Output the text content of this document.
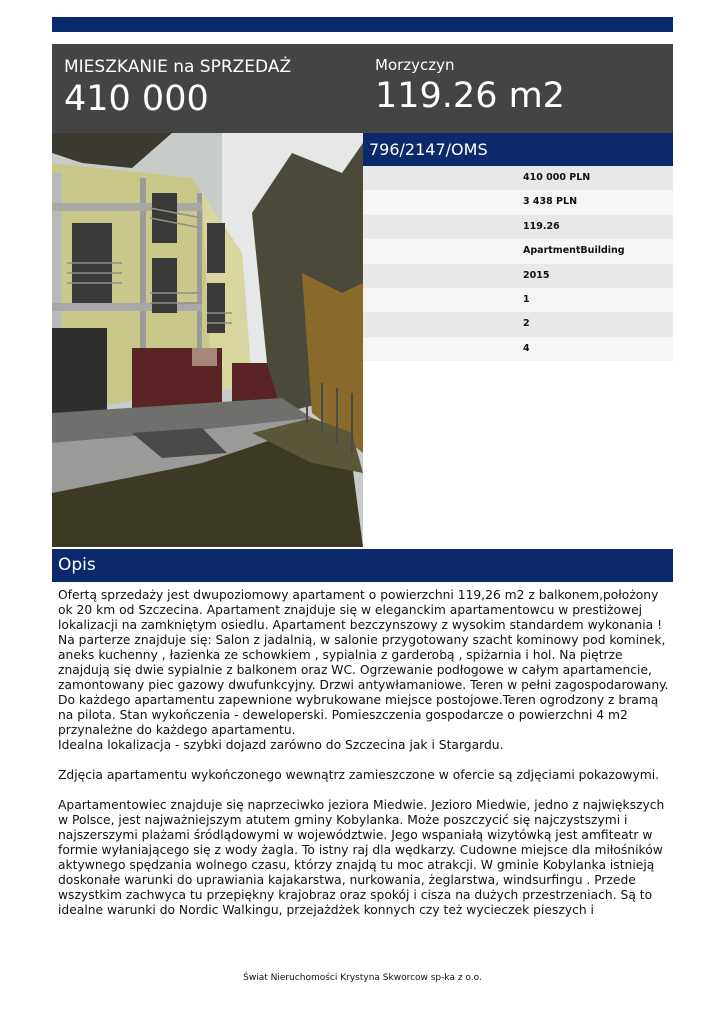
MIESZKANIE na SPRZEDAŻ
410 000
Morzyczyn
119.26 m2
796/2147/OMS
410 000 PLN
3 438 PLN
119.26
ApartmentBuilding
2015
1
2
4
Opis
Ofertą sprzedaży jest dwupoziomowy apartament o powierzchni 119,26 m2 z balkonem,położony ok 20 km od Szczecina. Apartament znajduje się w eleganckim apartamentowcu w prestiżowej lokalizacji na zamkniętym osiedlu. Apartament bezczynszowy z wysokim standardem wykonania ! Na parterze znajduje się: Salon z jadalnią, w salonie przygotowany szacht kominowy pod kominek, aneks kuchenny , łazienka ze schowkiem , sypialnia z garderobą , spiżarnia i hol. Na piętrze znajdują się dwie sypialnie z balkonem oraz WC. Ogrzewanie podłogowe w całym apartamencie, zamontowany piec gazowy dwufunkcyjny. Drzwi antywłamaniowe. Teren w pełni zagospodarowany. Do każdego apartamentu zapewnione wybrukowane miejsce postojowe.Teren ogrodzony z bramą na pilota. Stan wykończenia - deweloperski. Pomieszczenia gospodarcze o powierzchni 4 m2 przynależne do każdego apartamentu.
Idealna lokalizacja - szybki dojazd zarówno do Szczecina jak i Stargardu.

Zdjęcia apartamentu wykończonego wewnątrz zamieszczone w ofercie są zdjęciami pokazowymi.

Apartamentowiec znajduje się naprzeciwko jeziora Miedwie. Jezioro Miedwie, jedno z największych w Polsce, jest najważniejszym atutem gminy Kobylanka. Może poszczycić się najczystszymi i najszerszymi plażami śródlądowymi w województwie. Jego wspaniałą wizytówką jest amfiteatr w formie wyłaniającego się z wody żagla. To istny raj dla wędkarzy. Cudowne miejsce dla miłośników aktywnego spędzania wolnego czasu, którzy znajdą tu moc atrakcji. W gminie Kobylanka istnieją doskonałe warunki do uprawiania kajakarstwa, nurkowania, żeglarstwa, windsurfingu . Przede wszystkim zachwyca tu przepiękny krajobraz oraz spokój i cisza na dużych przestrzeniach. Są to idealne warunki do Nordic Walkingu, przejażdżek konnych czy też wycieczek pieszych i
Świat Nieruchomości Krystyna Skworcow sp-ka z o.o.
